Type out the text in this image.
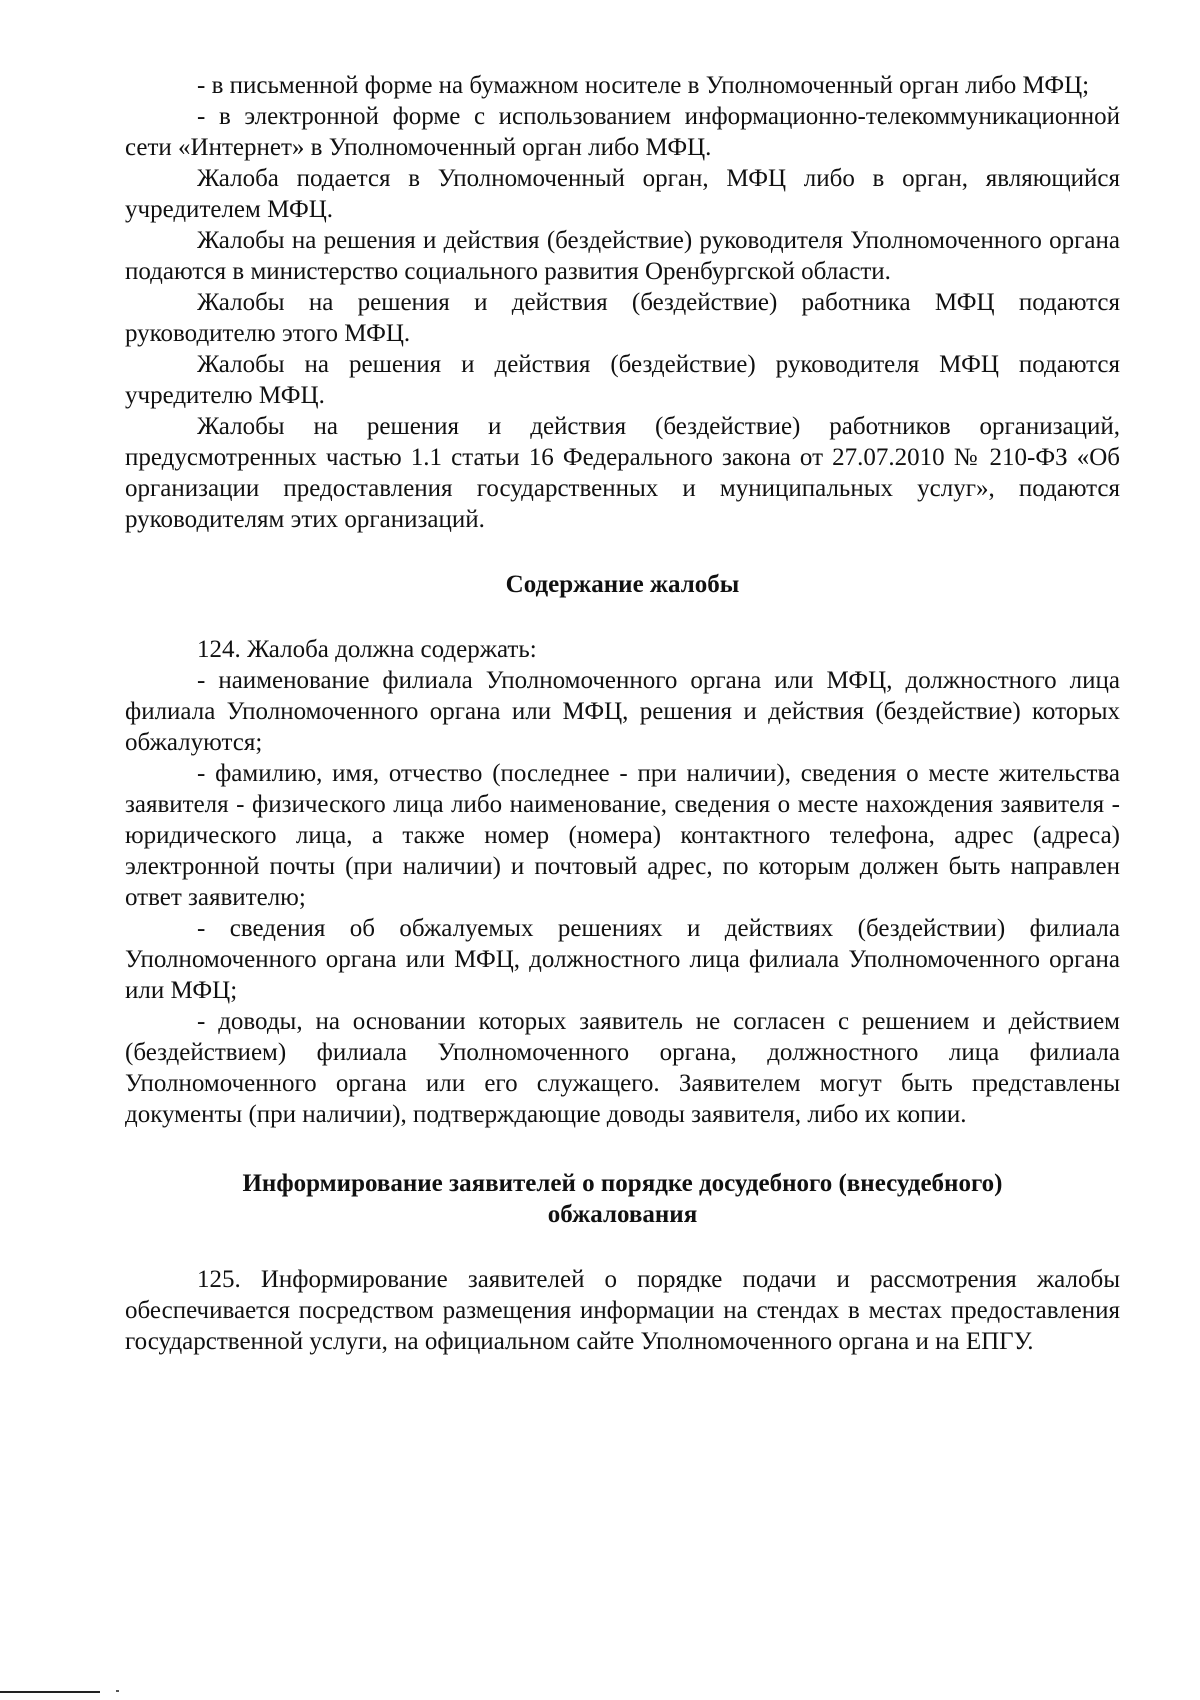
- в письменной форме на бумажном носителе в Уполномоченный орган либо МФЦ;

- в электронной форме с использованием информационно-телекоммуникационной сети «Интернет» в Уполномоченный орган либо МФЦ.

Жалоба подается в Уполномоченный орган, МФЦ либо в орган, являющийся учредителем МФЦ.

Жалобы на решения и действия (бездействие) руководителя Уполномоченного органа подаются в министерство социального развития Оренбургской области.

Жалобы на решения и действия (бездействие) работника МФЦ подаются руководителю этого МФЦ.

Жалобы на решения и действия (бездействие) руководителя МФЦ подаются учредителю МФЦ.

Жалобы на решения и действия (бездействие) работников организаций, предусмотренных частью 1.1 статьи 16 Федерального закона от 27.07.2010 № 210-ФЗ «Об организации предоставления государственных и муниципальных услуг», подаются руководителям этих организаций.

Содержание жалобы

124. Жалоба должна содержать:

- наименование филиала Уполномоченного органа или МФЦ, должностного лица филиала Уполномоченного органа или МФЦ, решения и действия (бездействие) которых обжалуются;

- фамилию, имя, отчество (последнее - при наличии), сведения о месте жительства заявителя - физического лица либо наименование, сведения о месте нахождения заявителя - юридического лица, а также номер (номера) контактного телефона, адрес (адреса) электронной почты (при наличии) и почтовый адрес, по которым должен быть направлен ответ заявителю;

- сведения об обжалуемых решениях и действиях (бездействии) филиала Уполномоченного органа или МФЦ, должностного лица филиала Уполномоченного органа или МФЦ;

- доводы, на основании которых заявитель не согласен с решением и действием (бездействием) филиала Уполномоченного органа, должностного лица филиала Уполномоченного органа или его служащего. Заявителем могут быть представлены документы (при наличии), подтверждающие доводы заявителя, либо их копии.

Информирование заявителей о порядке досудебного (внесудебного)
обжалования

125. Информирование заявителей о порядке подачи и рассмотрения жалобы обеспечивается посредством размещения информации на стендах в местах предоставления государственной услуги, на официальном сайте Уполномоченного органа и на ЕПГУ.
